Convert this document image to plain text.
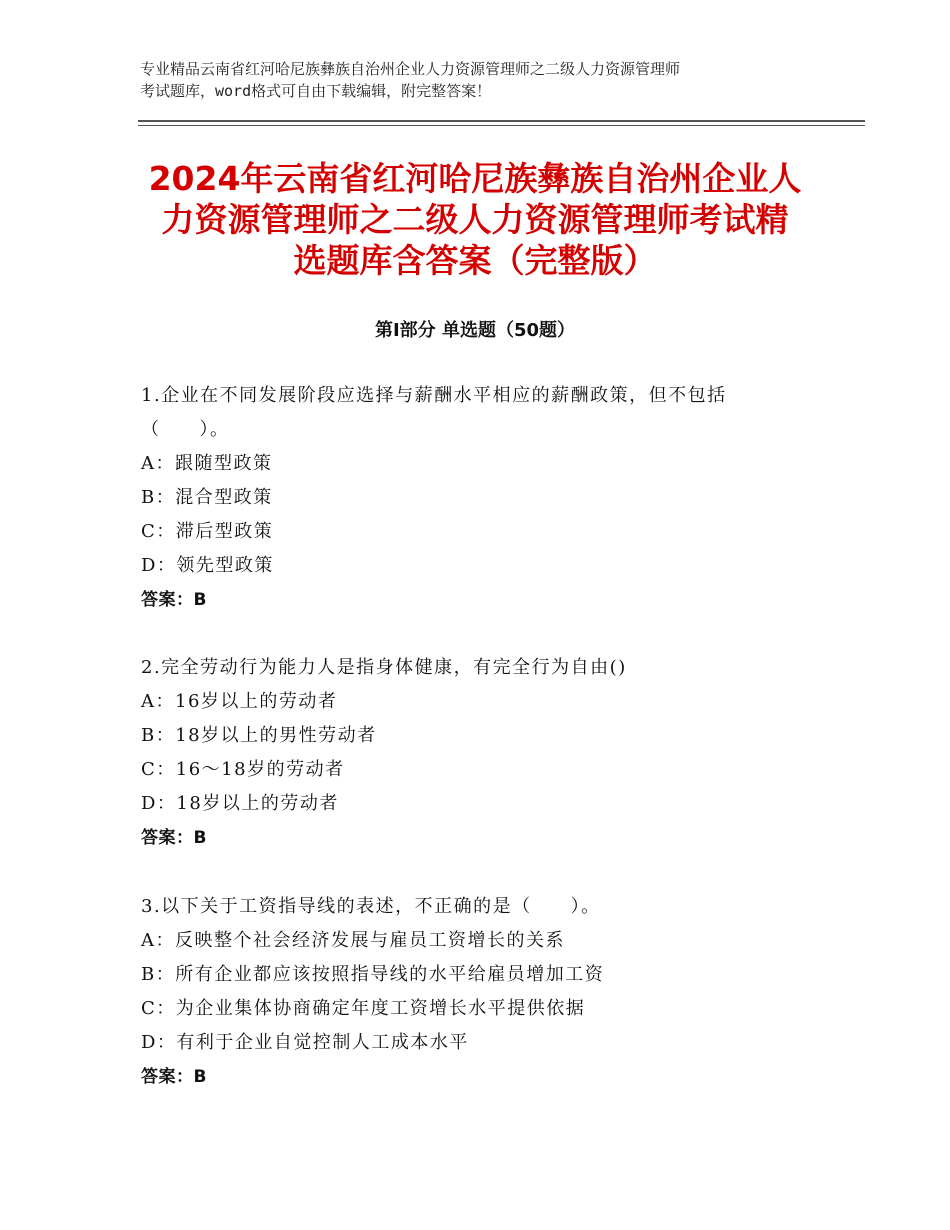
专业精品云南省红河哈尼族彝族自治州企业人力资源管理师之二级人力资源管理师
考试题库，word格式可自由下载编辑，附完整答案！
2024年云南省红河哈尼族彝族自治州企业人
力资源管理师之二级人力资源管理师考试精
选题库含答案（完整版）
第Ⅰ部分 单选题（50题）
1.企业在不同发展阶段应选择与薪酬水平相应的薪酬政策，但不包括
（　　）。
A：跟随型政策
B：混合型政策
C：滞后型政策
D：领先型政策
答案：B
2.完全劳动行为能力人是指身体健康，有完全行为自由()
A：16岁以上的劳动者
B：18岁以上的男性劳动者
C：16～18岁的劳动者
D：18岁以上的劳动者
答案：B
3.以下关于工资指导线的表述，不正确的是（　　）。
A：反映整个社会经济发展与雇员工资增长的关系
B：所有企业都应该按照指导线的水平给雇员增加工资
C：为企业集体协商确定年度工资增长水平提供依据
D：有利于企业自觉控制人工成本水平
答案：B
